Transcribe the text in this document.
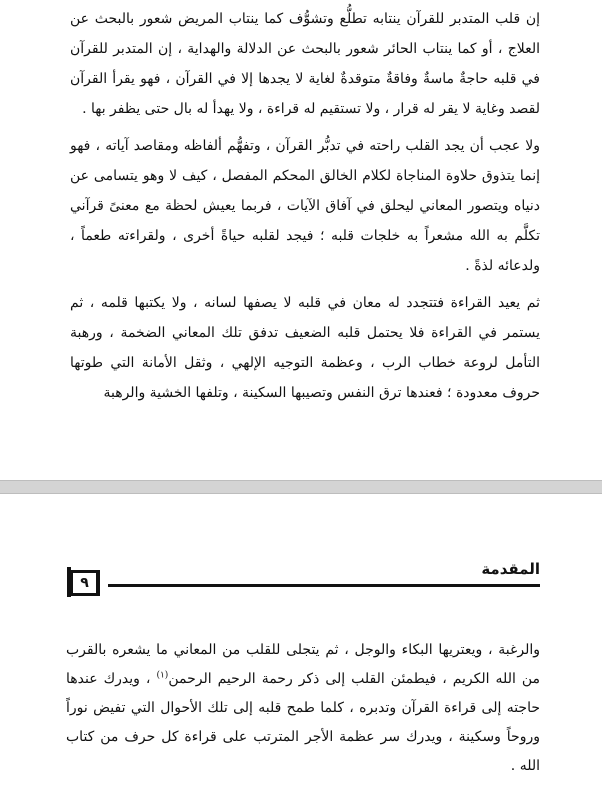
إن قلب المتدبر للقرآن ينتابه تطلُّع وتشوُّف كما ينتاب المريض شعور بالبحث عن العلاج ، أو كما ينتاب الحائر شعور بالبحث عن الدلالة والهداية ، إن المتدبر للقرآن في قلبه حاجةٌ ماسةٌ وفاقةٌ متوقدةٌ لغاية لا يجدها إلا في القرآن ، فهو يقرأ القرآن لقصد وغاية لا يقر له قرار ، ولا تستقيم له قراءة ، ولا يهدأ له بال حتى يظفر بها .

ولا عجب أن يجد القلب راحته في تدبُّر القرآن ، وتفهُّم ألفاظه ومقاصد آياته ، فهو إنما يتذوق حلاوة المناجاة لكلام الخالق المحكم المفصل ، كيف لا وهو يتسامى عن دنياه ويتصور المعاني ليحلق في آفاق الآيات ، فربما يعيش لحظة مع معنىً قرآني تكلَّم به الله مشعراً به خلجات قلبه ؛ فيجد لقلبه حياةً أخرى ، ولقراءته طعماً ، ولدعائه لذةً .

ثم يعيد القراءة فتتجدد له معان في قلبه لا يصفها لسانه ، ولا يكتبها قلمه ، ثم يستمر في القراءة فلا يحتمل قلبه الضعيف تدفق تلك المعاني الضخمة ، ورهبة التأمل لروعة خطاب الرب ، وعظمة التوجيه الإلهي ، وثقل الأمانة التي طوتها حروف معدودة ؛ فعندها ترق النفس وتصيبها السكينة ، وتلفها الخشية والرهبة

المقدمة
٩

والرغبة ، ويعتريها البكاء والوجل ، ثم يتجلى للقلب من المعاني ما يشعره بالقرب من الله الكريم ، فيطمئن القلب إلى ذكر رحمة الرحيم الرحمن$^{(١)}$ ، ويدرك عندها حاجته إلى قراءة القرآن وتدبره ، كلما طمح قلبه إلى تلك الأحوال التي تفيض نوراً وروحاً وسكينة ، ويدرك سر عظمة الأجر المترتب على قراءة كل حرف من كتاب الله .
